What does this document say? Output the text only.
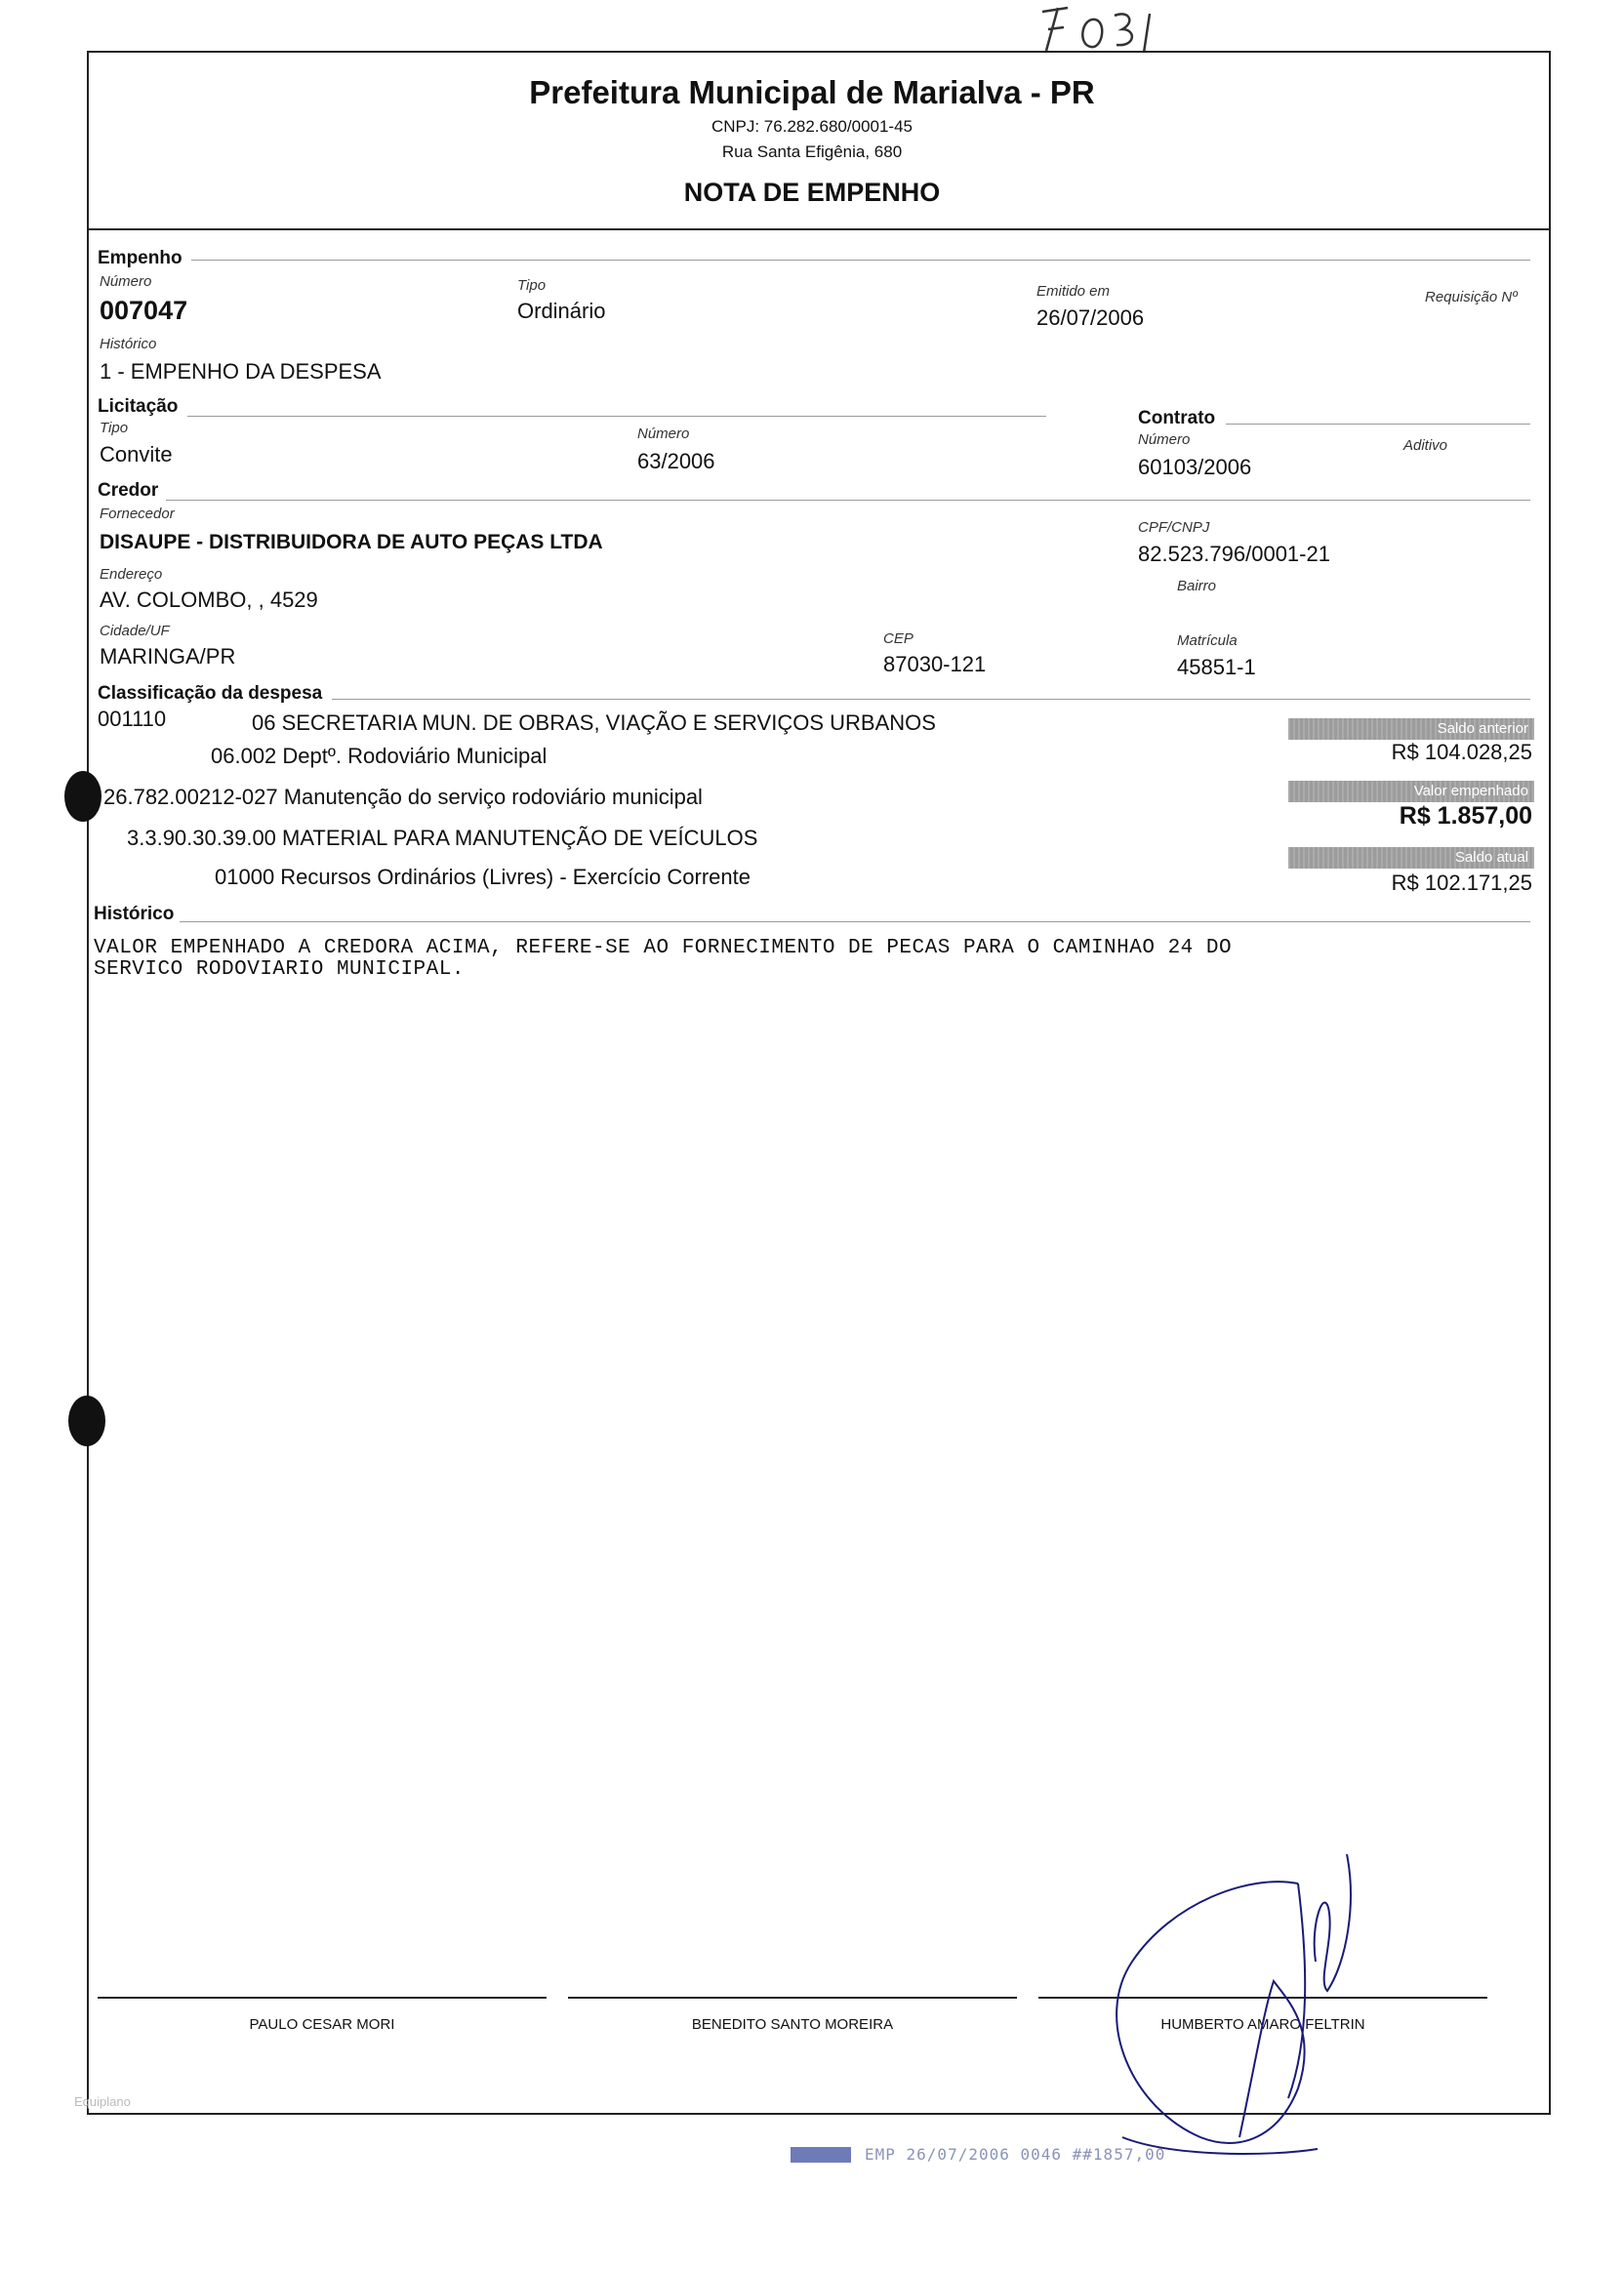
Prefeitura Municipal de Marialva - PR
CNPJ: 76.282.680/0001-45
Rua Santa Efigênia, 680
NOTA DE EMPENHO
Empenho
Número
007047
Tipo
Ordinário
Emitido em
26/07/2006
Requisição Nº
Histórico
1 - EMPENHO DA DESPESA
Licitação
Tipo
Convite
Número
63/2006
Contrato
Número
60103/2006
Aditivo
Credor
Fornecedor
DISAUPE - DISTRIBUIDORA DE AUTO PEÇAS LTDA
CPF/CNPJ
82.523.796/0001-21
Endereço
AV. COLOMBO, , 4529
Bairro
Cidade/UF
MARINGA/PR
CEP
87030-121
Matrícula
45851-1
Classificação da despesa
001110	06 SECRETARIA MUN. DE OBRAS, VIAÇÃO E SERVIÇOS URBANOS
06.002 Deptº. Rodoviário Municipal
26.782.00212-027 Manutenção do serviço rodoviário municipal
3.3.90.30.39.00 MATERIAL PARA MANUTENÇÃO DE VEÍCULOS
01000 Recursos Ordinários (Livres) - Exercício Corrente
Saldo anterior
R$ 104.028,25
Valor empenhado
R$ 1.857,00
Saldo atual
R$ 102.171,25
Histórico
VALOR EMPENHADO A CREDORA ACIMA, REFERE-SE AO FORNECIMENTO DE PECAS PARA O CAMINHAO 24 DO
SERVICO RODOVIARIO MUNICIPAL.
PAULO CESAR MORI	BENEDITO SANTO MOREIRA	HUMBERTO AMARO FELTRIN
Equiplano
EMP 26/07/2006 0046 ##1857,00
